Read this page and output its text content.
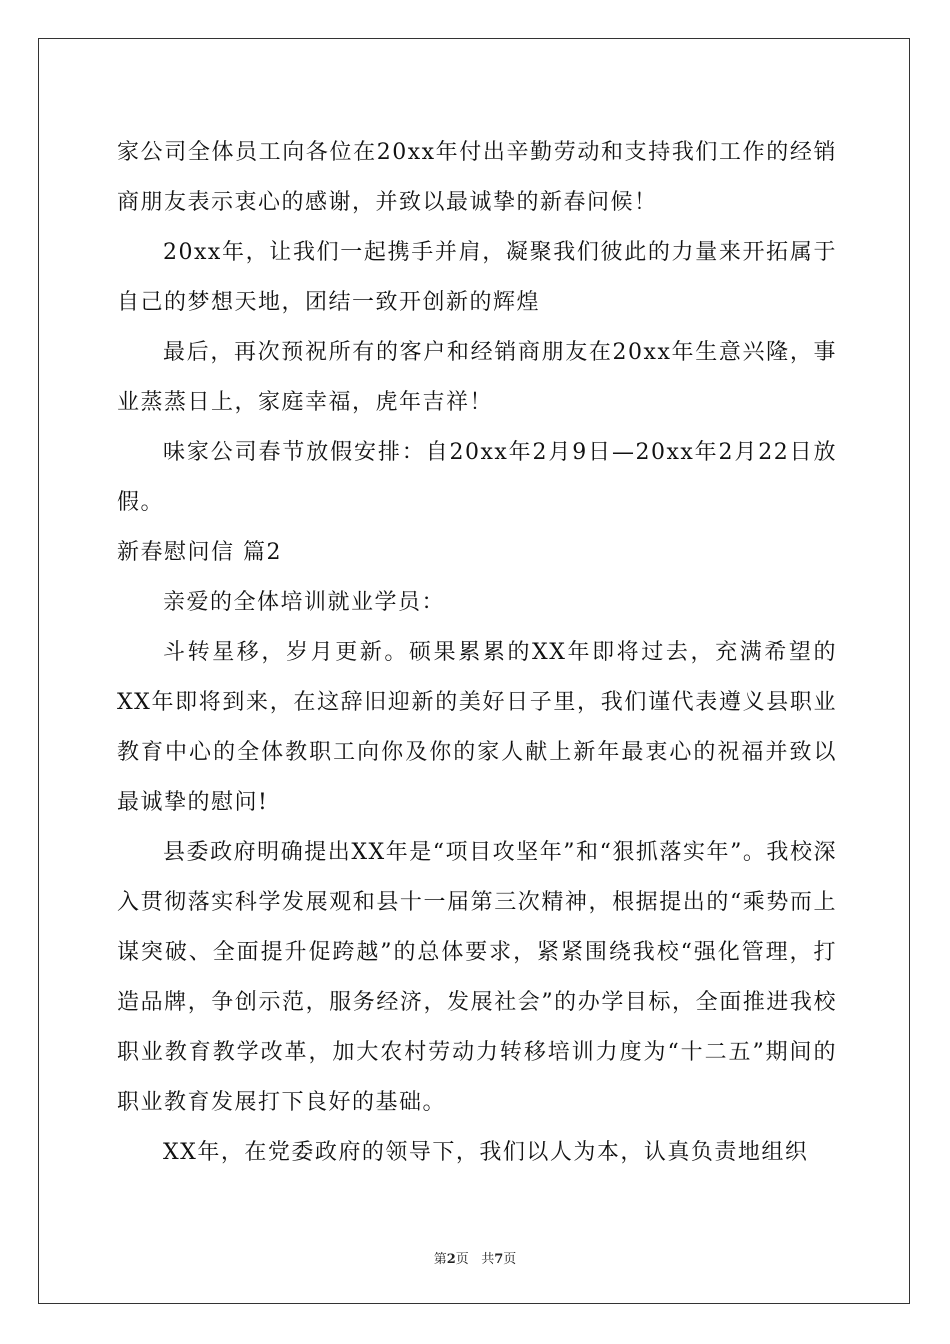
家公司全体员工向各位在20xx年付出辛勤劳动和支持我们工作的经销商朋友表示衷心的感谢，并致以最诚挚的新春问候！

20xx年，让我们一起携手并肩，凝聚我们彼此的力量来开拓属于自己的梦想天地，团结一致开创新的辉煌

最后，再次预祝所有的客户和经销商朋友在20xx年生意兴隆，事业蒸蒸日上，家庭幸福，虎年吉祥！

味家公司春节放假安排：自20xx年2月9日—20xx年2月22日放假。

新春慰问信 篇2

亲爱的全体培训就业学员：

斗转星移，岁月更新。硕果累累的XX年即将过去，充满希望的XX年即将到来，在这辞旧迎新的美好日子里，我们谨代表遵义县职业教育中心的全体教职工向你及你的家人献上新年最衷心的祝福并致以最诚挚的慰问!

县委政府明确提出XX年是“项目攻坚年”和“狠抓落实年”。我校深入贯彻落实科学发展观和县十一届第三次精神，根据提出的“乘势而上谋突破、全面提升促跨越”的总体要求，紧紧围绕我校“强化管理，打造品牌，争创示范，服务经济，发展社会”的办学目标，全面推进我校职业教育教学改革，加大农村劳动力转移培训力度为“十二五”期间的职业教育发展打下良好的基础。

XX年，在党委政府的领导下，我们以人为本，认真负责地组织

第2页   共7页
